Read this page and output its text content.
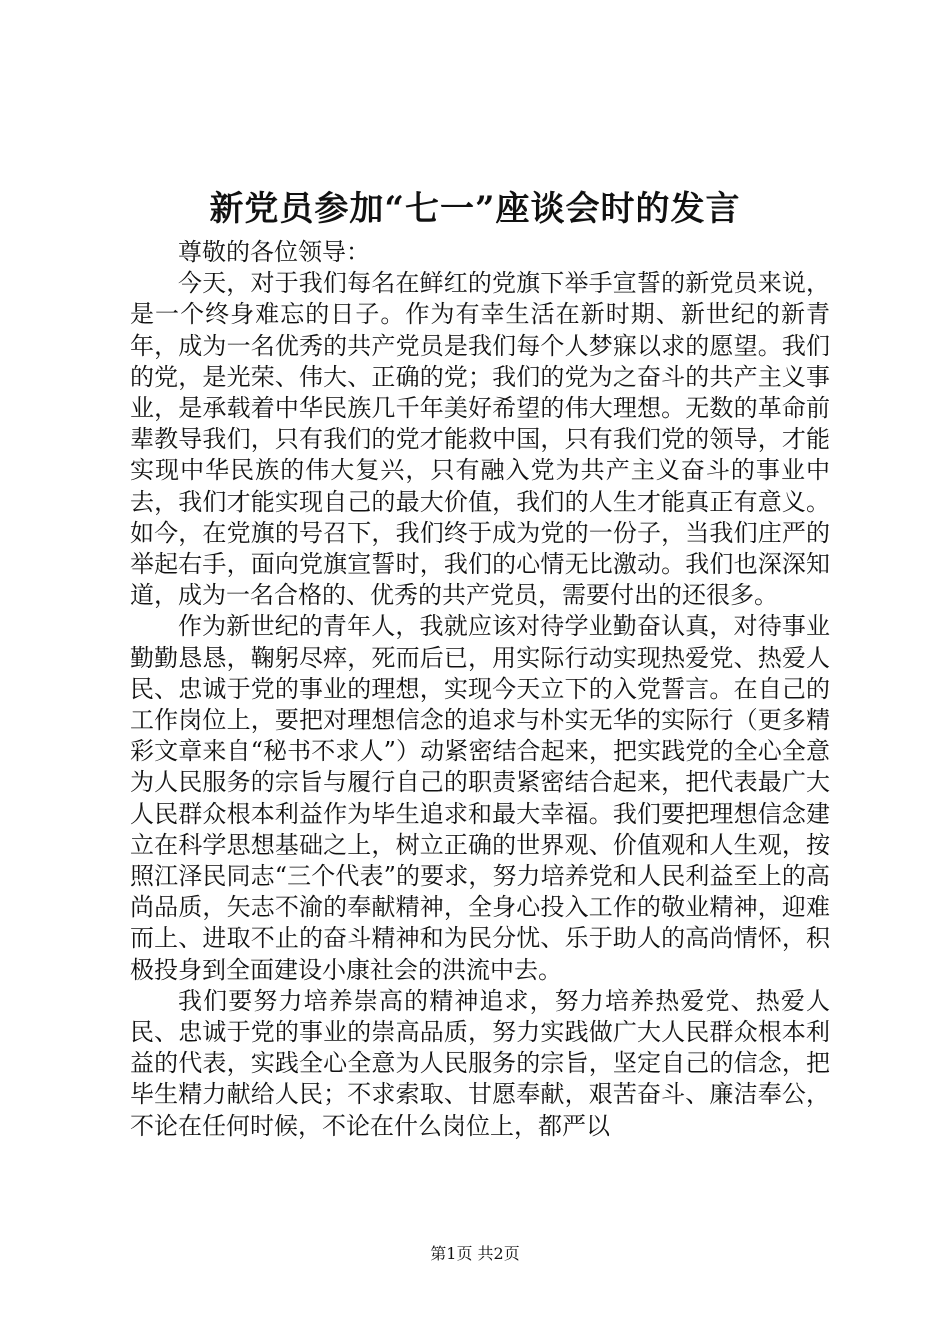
新党员参加“七一”座谈会时的发言

尊敬的各位领导：

今天，对于我们每名在鲜红的党旗下举手宣誓的新党员来说，是一个终身难忘的日子。作为有幸生活在新时期、新世纪的新青年，成为一名优秀的共产党员是我们每个人梦寐以求的愿望。我们的党，是光荣、伟大、正确的党；我们的党为之奋斗的共产主义事业，是承载着中华民族几千年美好希望的伟大理想。无数的革命前辈教导我们，只有我们的党才能救中国，只有我们党的领导，才能实现中华民族的伟大复兴，只有融入党为共产主义奋斗的事业中去，我们才能实现自己的最大价值，我们的人生才能真正有意义。如今，在党旗的号召下，我们终于成为党的一份子，当我们庄严的举起右手，面向党旗宣誓时，我们的心情无比激动。我们也深深知道，成为一名合格的、优秀的共产党员，需要付出的还很多。

作为新世纪的青年人，我就应该对待学业勤奋认真，对待事业勤勤恳恳，鞠躬尽瘁，死而后已，用实际行动实现热爱党、热爱人民、忠诚于党的事业的理想，实现今天立下的入党誓言。在自己的工作岗位上，要把对理想信念的追求与朴实无华的实际行（更多精彩文章来自“秘书不求人”）动紧密结合起来，把实践党的全心全意为人民服务的宗旨与履行自己的职责紧密结合起来，把代表最广大人民群众根本利益作为毕生追求和最大幸福。我们要把理想信念建立在科学思想基础之上，树立正确的世界观、价值观和人生观，按照江泽民同志“三个代表”的要求，努力培养党和人民利益至上的高尚品质，矢志不渝的奉献精神，全身心投入工作的敬业精神，迎难而上、进取不止的奋斗精神和为民分忧、乐于助人的高尚情怀，积极投身到全面建设小康社会的洪流中去。

我们要努力培养崇高的精神追求，努力培养热爱党、热爱人民、忠诚于党的事业的崇高品质，努力实践做广大人民群众根本利益的代表，实践全心全意为人民服务的宗旨，坚定自己的信念，把毕生精力献给人民；不求索取、甘愿奉献，艰苦奋斗、廉洁奉公，不论在任何时候，不论在什么岗位上，都严以

第1页 共2页
